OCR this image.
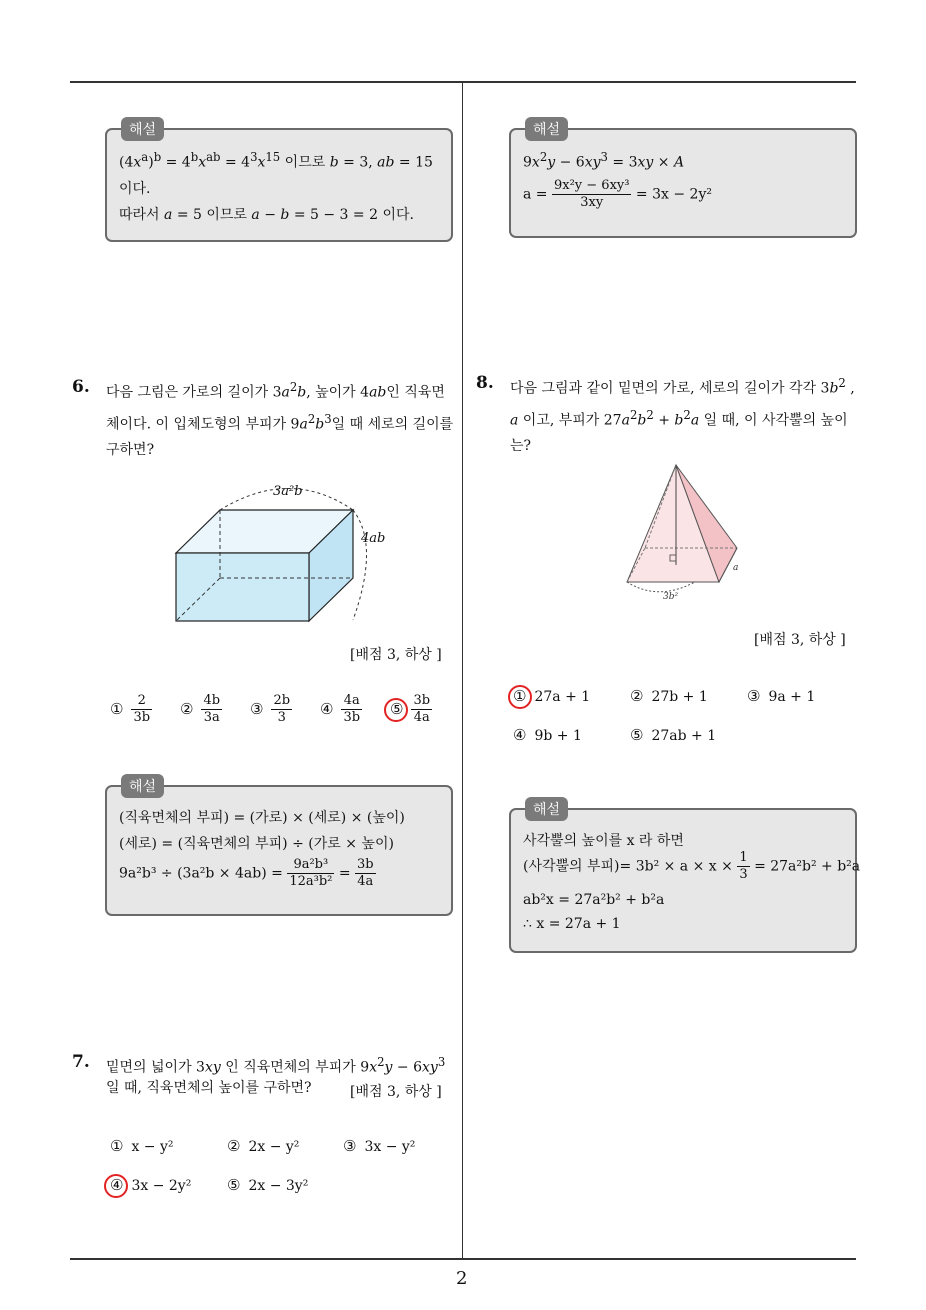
2
해설
$(4x^a)^b = 4^bx^{ab} = 4^3x^{15}$ 이므로 b = 3, ab = 15
이다.
따라서 a = 5 이므로 a − b = 5 − 3 = 2 이다.
6. 다음 그림은 가로의 길이가 $3a^2b$, 높이가 4ab인 직육면체이다. 이 입체도형의 부피가 $9a^2b^3$일 때 세로의 길이를 구하면?
3a²b
4ab
[배점 3, 하상 ]
① $\frac{2}{3b}$ ② $\frac{4b}{3a}$ ③ $\frac{2b}{3}$ ④ $\frac{4a}{3b}$ ⑤ $\frac{3b}{4a}$
해설
(직육면체의 부피) = (가로) × (세로) × (높이)
(세로) = (직육면체의 부피) ÷ (가로 × 높이)
$9a^2b^3 \div (3a^2b \times 4ab) = \frac{\text{9a²b³}}{\text{12a³b²}} = \frac{3b}{4a}$
7. 밑면의 넓이가 3xy 인 직육면체의 부피가 $9x^2y - 6xy^3$
일 때, 직육면체의 높이를 구하면?	[배점 3, 하상 ]
① x − y²	② 2x − y²	③ 3x − y²
④ 3x − 2y² ⑤ 2x − 3y²
해설
$9x^2y - 6xy^3 = 3xy \times A$
$a = \frac{\text{9x²y − 6xy³}}{3xy} = 3x - 2y^2$
8. 다음 그림과 같이 밑면의 가로, 세로의 길이가 각각 $3b^2$ , a 이고, 부피가 $27a^2b^2 + b^2a$ 일 때, 이 사각뿔의 높이는?
3b²
a
[배점 3, 하상 ]
① 27a + 1	② 27b + 1	③ 9a + 1
④ 9b + 1	⑤ 27ab + 1
해설
사각뿔의 높이를 x 라 하면
(사각뿔의 부피)= $3b^2 \times a \times x \times \frac{1}{3} = 27a^2b^2 + b^2a$
ab²x = 27a²b² + b²a
∴ x = 27a + 1
